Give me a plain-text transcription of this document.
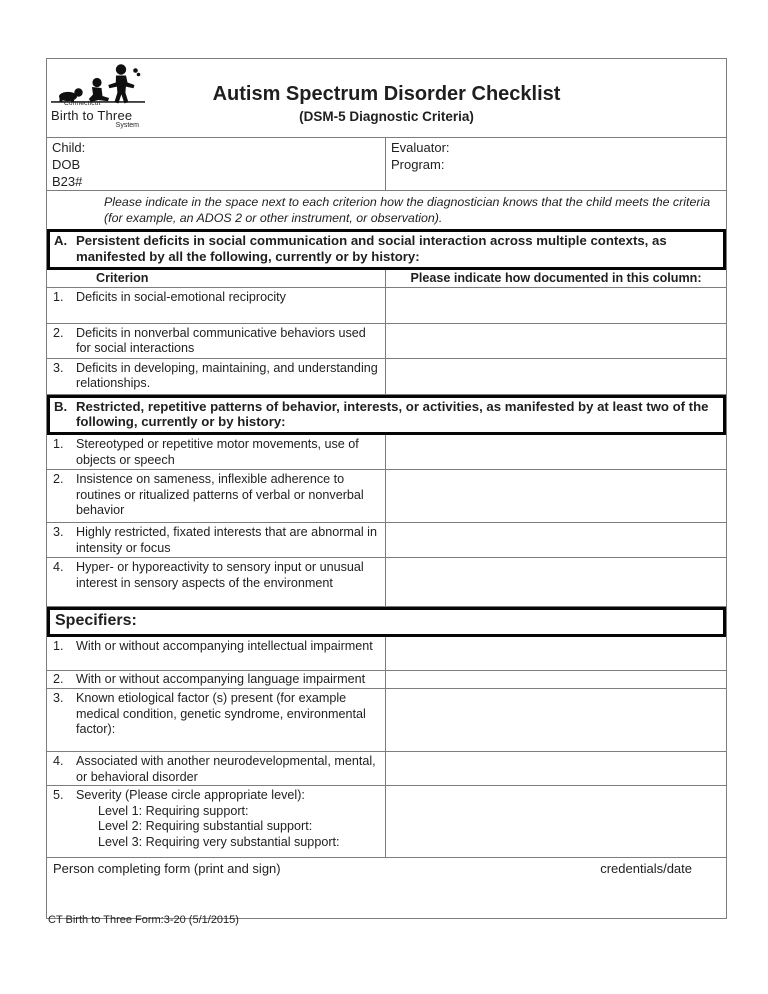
Connecticut
Birth to Three
System
Autism Spectrum Disorder Checklist
(DSM-5 Diagnostic Criteria)
Child:
DOB
B23#
Evaluator:
Program:
Please indicate in the space next to each criterion how the diagnostician knows that the child meets the criteria
(for example, an ADOS 2 or other instrument, or observation).
A. Persistent deficits in social communication and social interaction across multiple contexts, as manifested by all the following, currently or by history:
Criterion	Please indicate how documented in this column:
1. Deficits in social-emotional reciprocity
2. Deficits in nonverbal communicative behaviors used for social interactions
3. Deficits in developing, maintaining, and understanding relationships.
B. Restricted, repetitive patterns of behavior, interests, or activities, as manifested by at least two of the following, currently or by history:
1. Stereotyped or repetitive motor movements, use of objects or speech
2. Insistence on sameness, inflexible adherence to routines or ritualized patterns of verbal or nonverbal behavior
3. Highly restricted, fixated interests that are abnormal in intensity or focus
4. Hyper- or hyporeactivity to sensory input or unusual interest in sensory aspects of the environment
Specifiers:
1. With or without accompanying intellectual impairment
2. With or without accompanying language impairment
3. Known etiological factor (s) present (for example medical condition, genetic syndrome, environmental factor):
4. Associated with another neurodevelopmental, mental, or behavioral disorder
5. Severity (Please circle appropriate level):
Level 1: Requiring support:
Level 2: Requiring substantial support:
Level 3: Requiring very substantial support:
Person completing form (print and sign)	credentials/date
CT Birth to Three Form:3-20 (5/1/2015)
